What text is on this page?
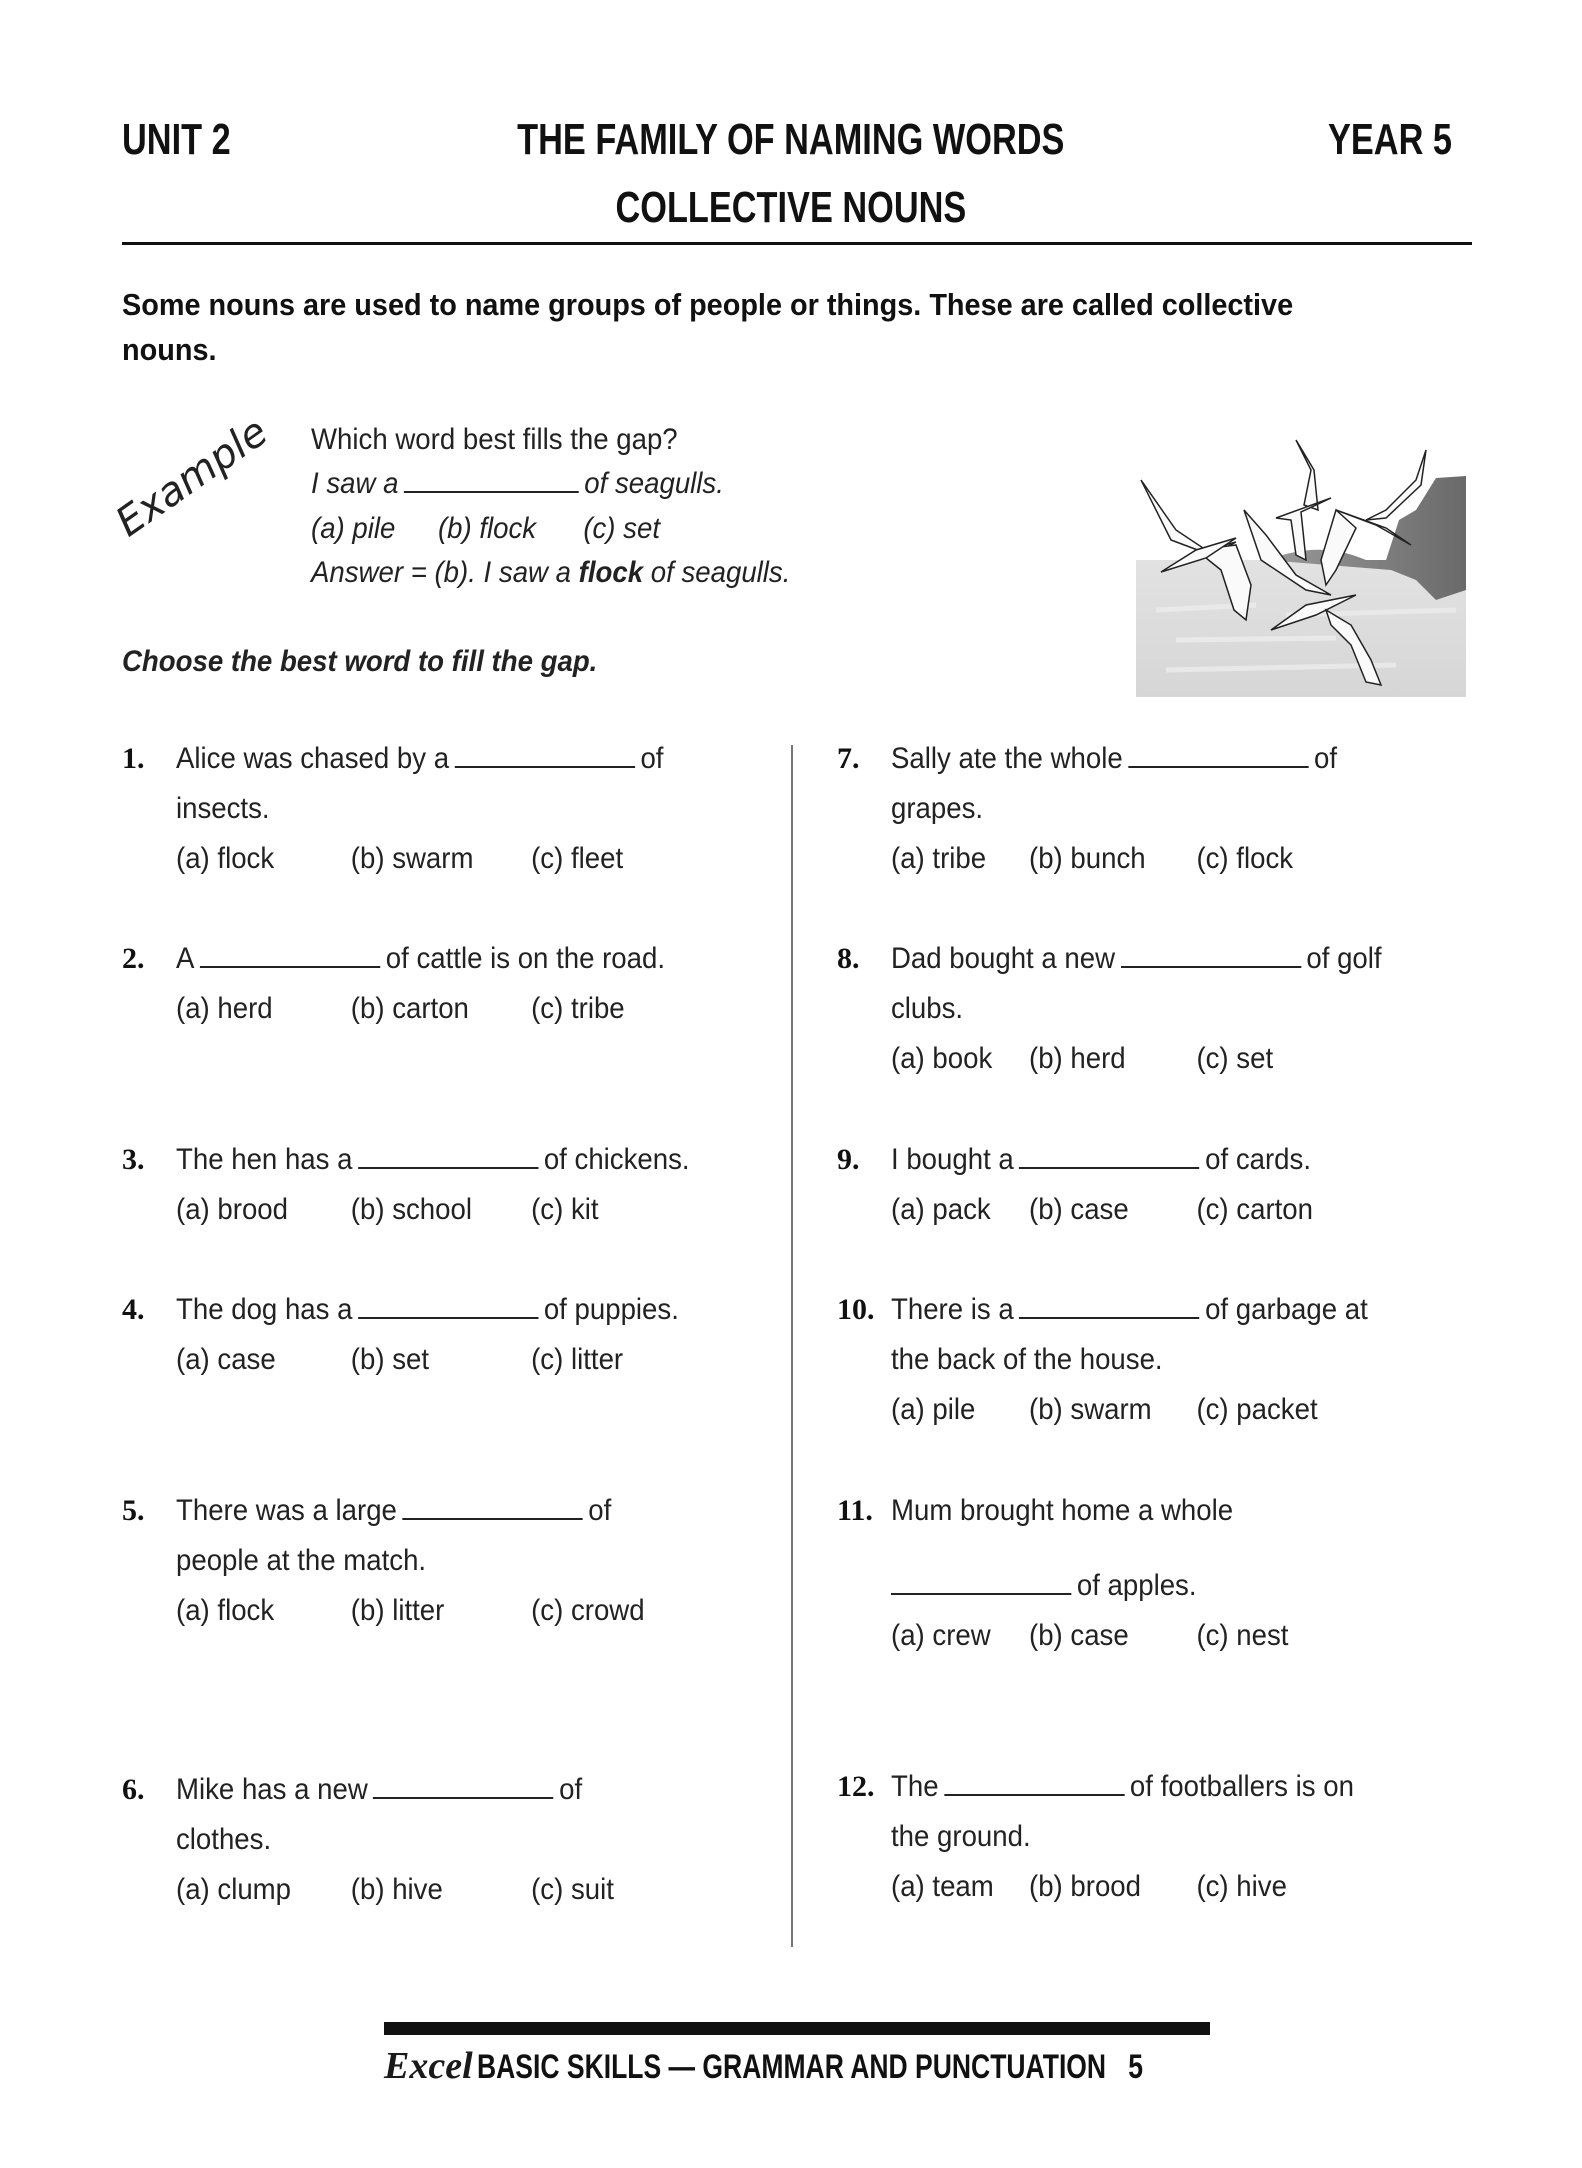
UNIT 2	THE FAMILY OF NAMING WORDS	YEAR 5
COLLECTIVE NOUNS
Some nouns are used to name groups of people or things. These are called collective
nouns.
Example Which word best fills the gap?
I saw a	of seagulls.
(a) pile (b) flock (c) set
Answer = (b). I saw a flock of seagulls.
Choose the best word to fill the gap.
1. Alice was chased by a	of
insects.
(a) flock	(b) swarm (c) fleet
2. A	of cattle is on the road.
(a) herd	(b) carton (c) tribe
3. The hen has a	of chickens.
(a) brood (b) school (c) kit
4. The dog has a	of puppies.
(a) case	(b) set	(c) litter
5. There was a large	of
people at the match.
(a) flock	(b) litter	(c) crowd
6. Mike has a new	of
clothes.
(a) clump (b) hive	(c) suit
7. Sally ate the whole	of
grapes.
(a) tribe (b) bunch (c) flock
8. Dad bought a new	of golf
clubs.
(a) book (b) herd (c) set
9. I bought a	of cards.
(a) pack (b) case (c) carton
10. There is a	of garbage at
the back of the house.
(a) pile (b) swarm (c) packet
11. Mum brought home a whole
of apples.
(a) crew (b) case (c) nest
12. The	of footballers is on
the ground.
(a) team (b) brood (c) hive
Excel BASIC SKILLS — GRAMMAR AND PUNCTUATION 5
